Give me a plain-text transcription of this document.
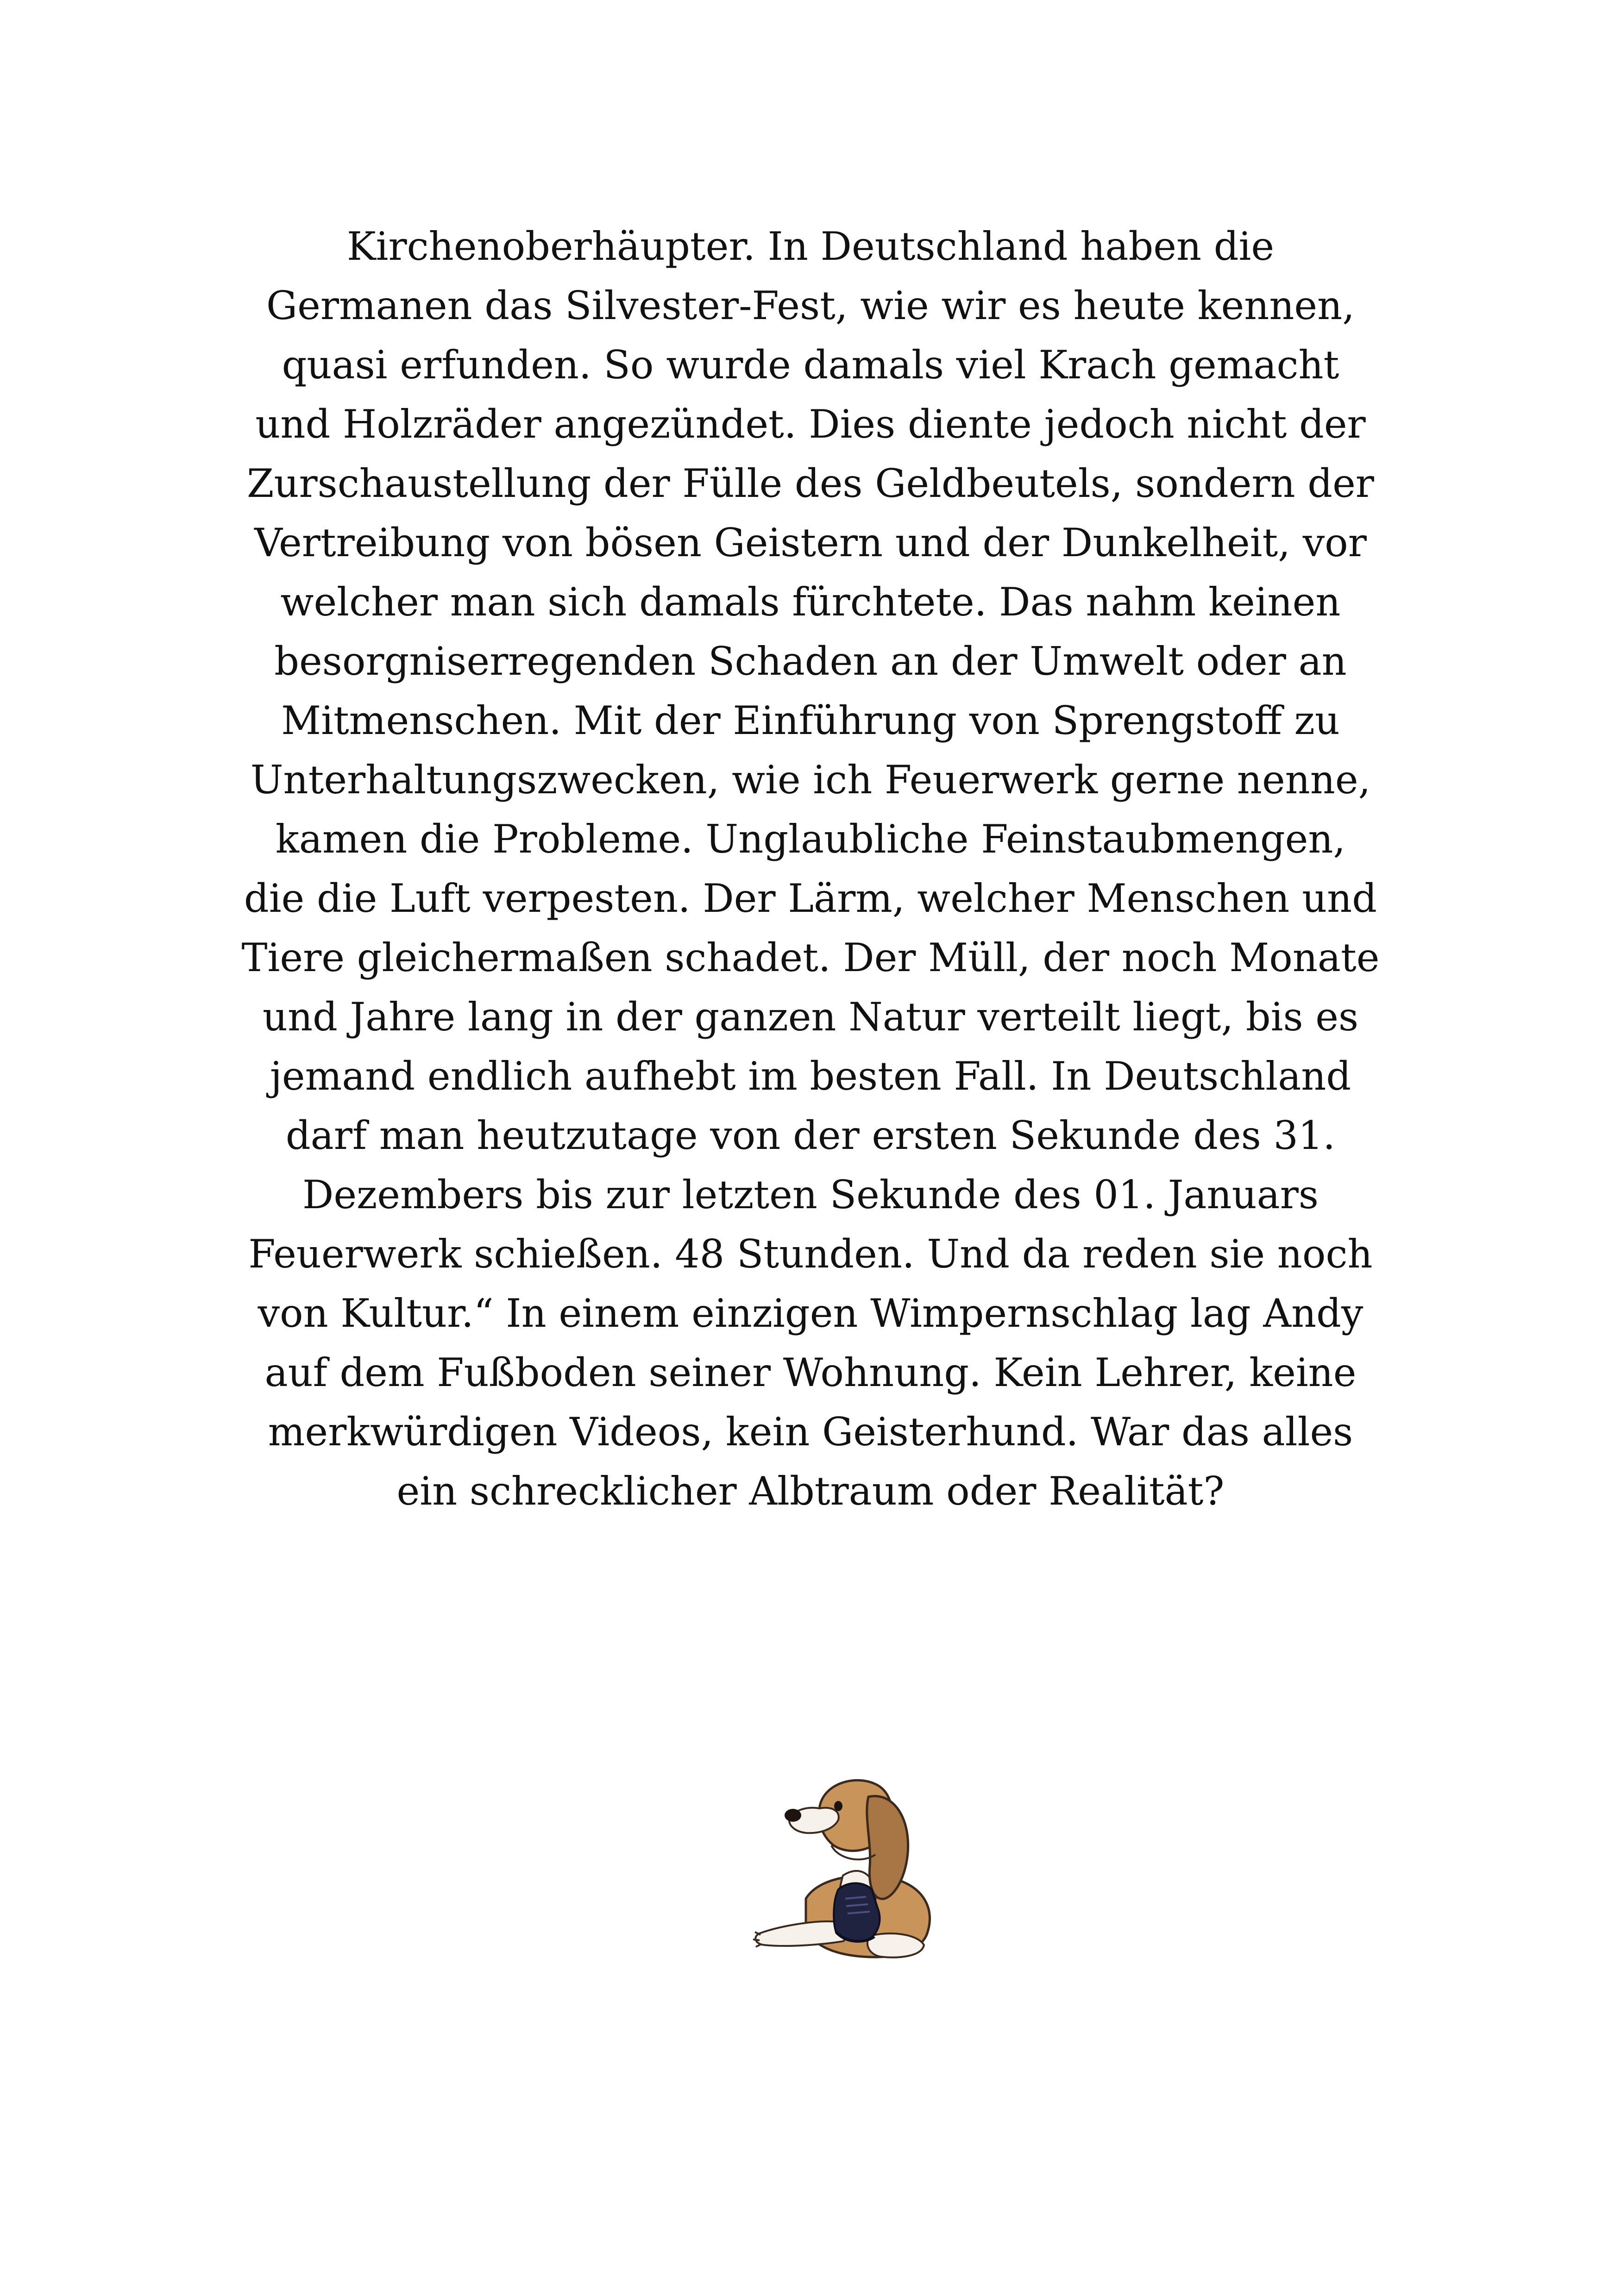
Kirchenoberhäupter. In Deutschland haben die
Germanen das Silvester-Fest, wie wir es heute kennen,
quasi erfunden. So wurde damals viel Krach gemacht
und Holzräder angezündet. Dies diente jedoch nicht der
Zurschaustellung der Fülle des Geldbeutels, sondern der
Vertreibung von bösen Geistern und der Dunkelheit, vor
welcher man sich damals fürchtete. Das nahm keinen
besorgniserregenden Schaden an der Umwelt oder an
Mitmenschen. Mit der Einführung von Sprengstoff zu
Unterhaltungszwecken, wie ich Feuerwerk gerne nenne,
kamen die Probleme. Unglaubliche Feinstaubmengen,
die die Luft verpesten. Der Lärm, welcher Menschen und
Tiere gleichermaßen schadet. Der Müll, der noch Monate
und Jahre lang in der ganzen Natur verteilt liegt, bis es
jemand endlich aufhebt im besten Fall. In Deutschland
darf man heutzutage von der ersten Sekunde des 31.
Dezembers bis zur letzten Sekunde des 01. Januars
Feuerwerk schießen. 48 Stunden. Und da reden sie noch
von Kultur.“ In einem einzigen Wimpernschlag lag Andy
auf dem Fußboden seiner Wohnung. Kein Lehrer, keine
merkwürdigen Videos, kein Geisterhund. War das alles
ein schrecklicher Albtraum oder Realität?
